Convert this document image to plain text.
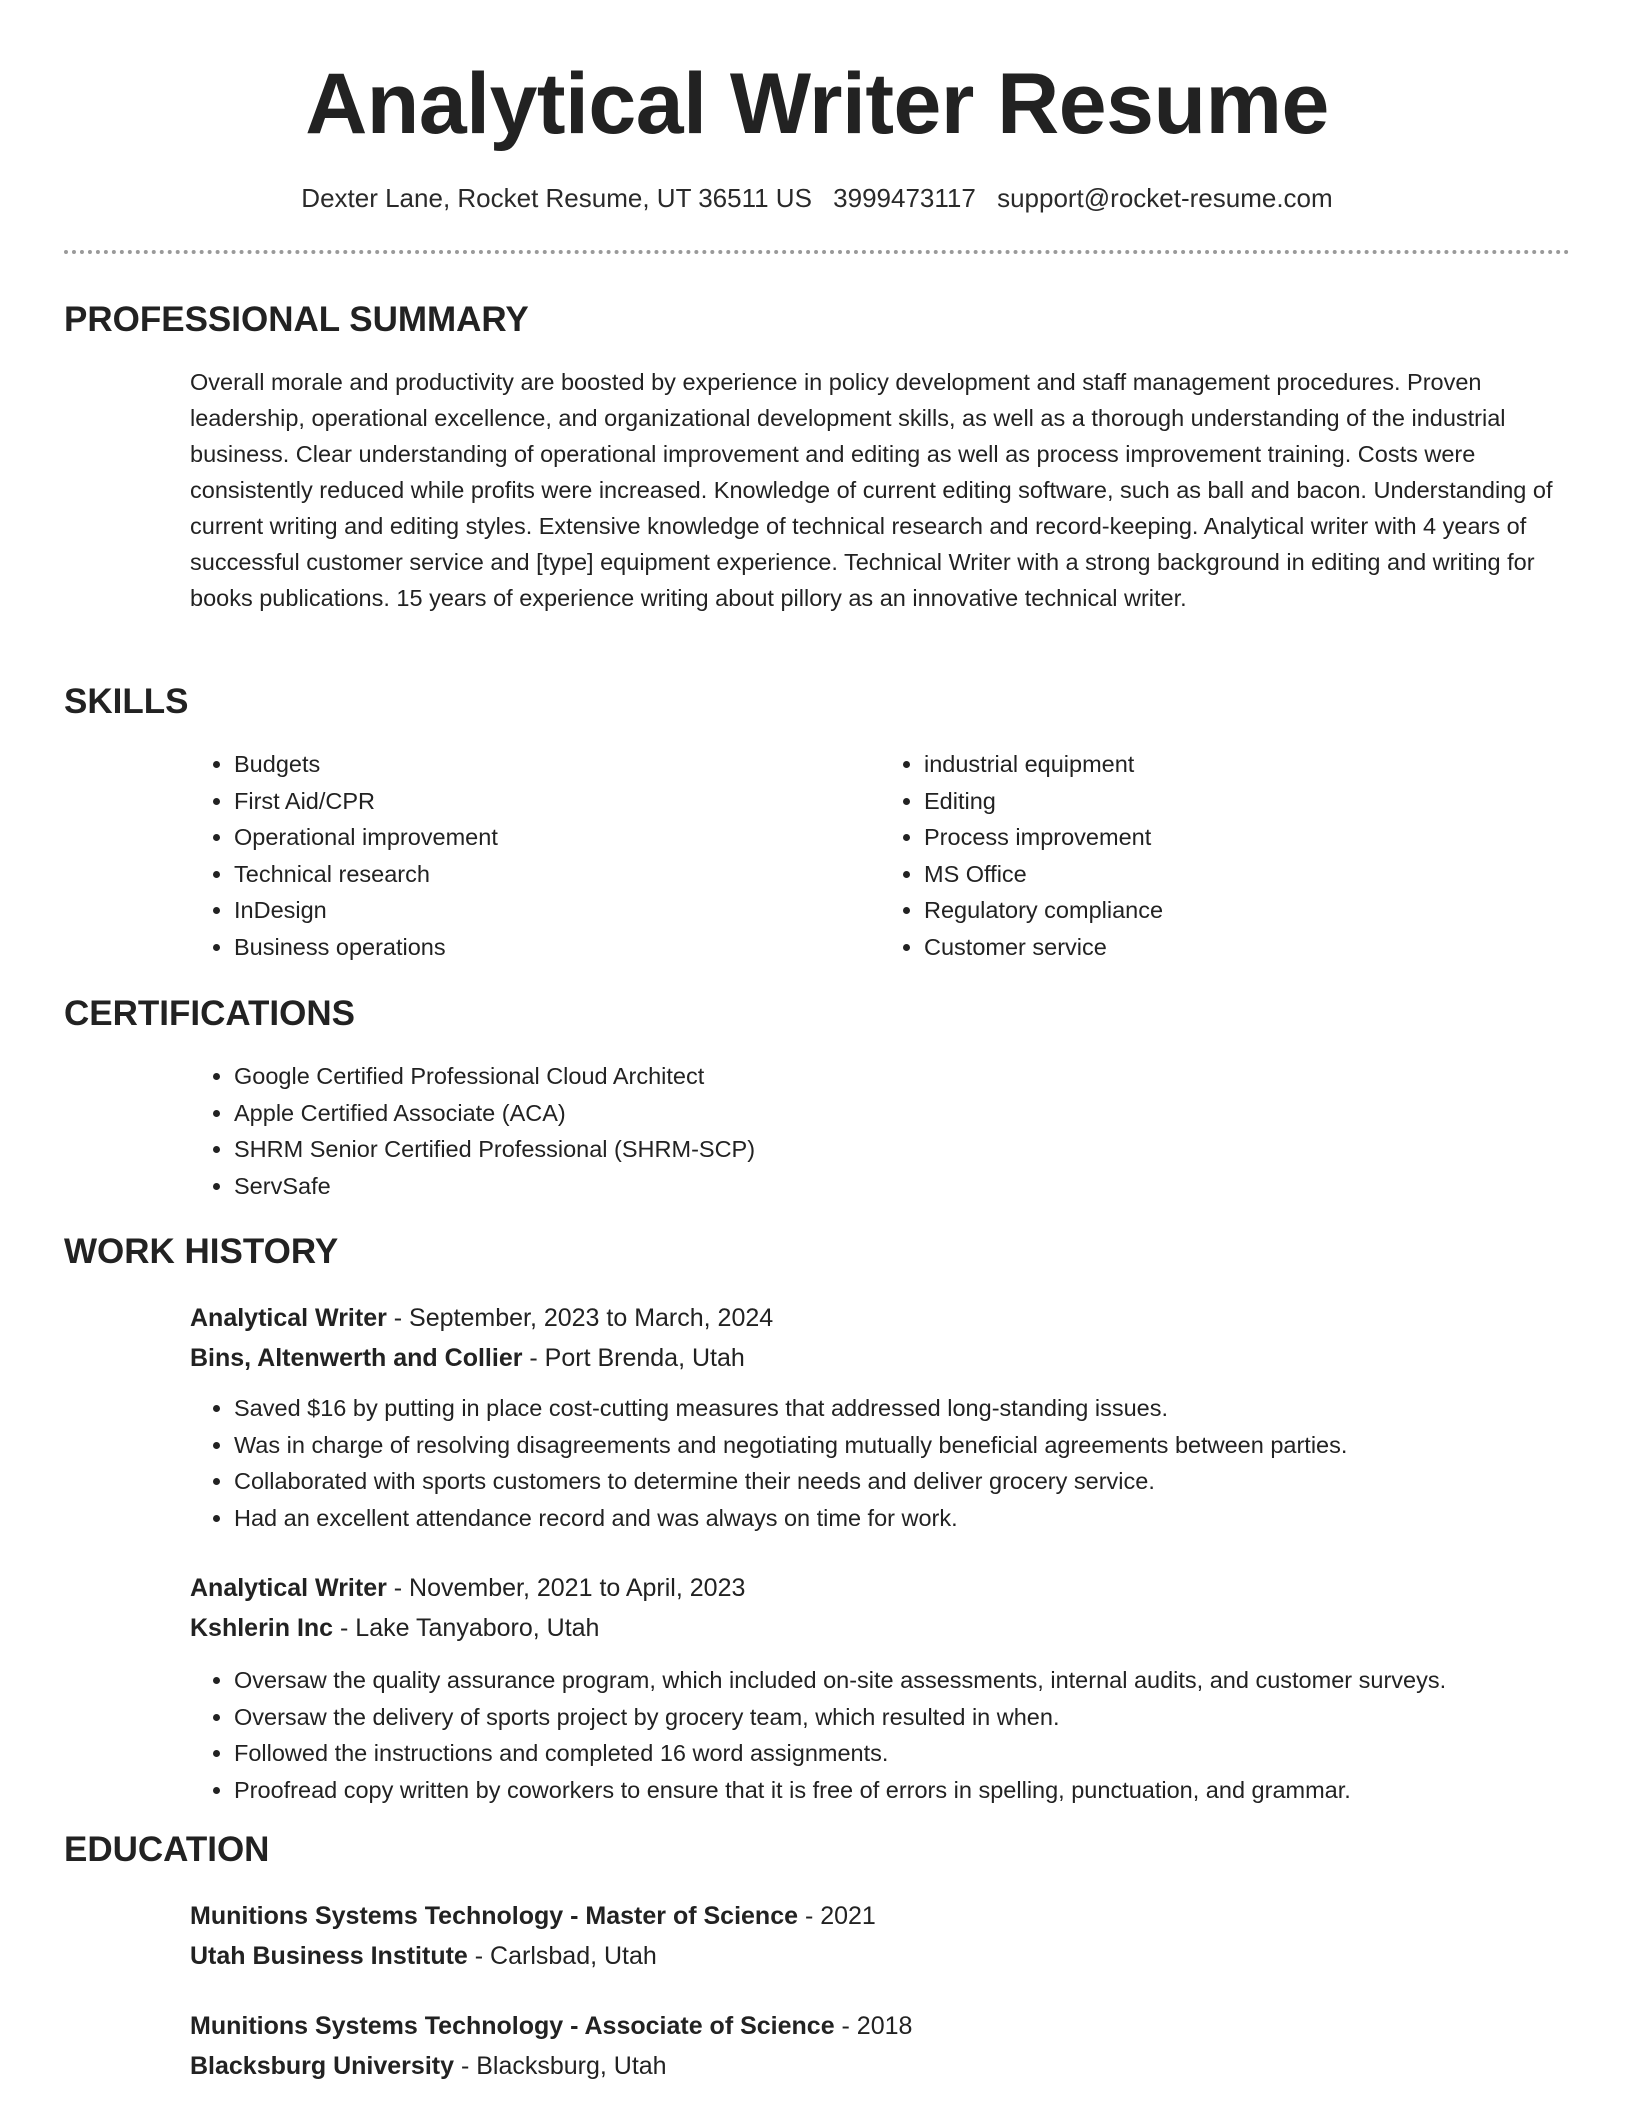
Analytical Writer Resume
Dexter Lane, Rocket Resume, UT 36511 US 3999473117 support@rocket-resume.com
PROFESSIONAL SUMMARY

Overall morale and productivity are boosted by experience in policy development and staff management procedures. Proven leadership, operational excellence, and organizational development skills, as well as a thorough understanding of the industrial business. Clear understanding of operational improvement and editing as well as process improvement training. Costs were consistently reduced while profits were increased. Knowledge of current editing software, such as ball and bacon. Understanding of current writing and editing styles. Extensive knowledge of technical research and record-keeping. Analytical writer with 4 years of successful customer service and [type] equipment experience. Technical Writer with a strong background in editing and writing for books publications. 15 years of experience writing about pillory as an innovative technical writer.

SKILLS
• Budgets
• First Aid/CPR
• Operational improvement
• Technical research
• InDesign
• Business operations
• industrial equipment
• Editing
• Process improvement
• MS Office
• Regulatory compliance
• Customer service
CERTIFICATIONS
• Google Certified Professional Cloud Architect
• Apple Certified Associate (ACA)
• SHRM Senior Certified Professional (SHRM-SCP)
• ServSafe
WORK HISTORY
Analytical Writer - September, 2023 to March, 2024
Bins, Altenwerth and Collier - Port Brenda, Utah
• Saved $16 by putting in place cost-cutting measures that addressed long-standing issues.
• Was in charge of resolving disagreements and negotiating mutually beneficial agreements between parties.
• Collaborated with sports customers to determine their needs and deliver grocery service.
• Had an excellent attendance record and was always on time for work.
Analytical Writer - November, 2021 to April, 2023
Kshlerin Inc - Lake Tanyaboro, Utah
• Oversaw the quality assurance program, which included on-site assessments, internal audits, and customer surveys.
• Oversaw the delivery of sports project by grocery team, which resulted in when.
• Followed the instructions and completed 16 word assignments.
• Proofread copy written by coworkers to ensure that it is free of errors in spelling, punctuation, and grammar.
EDUCATION
Munitions Systems Technology - Master of Science - 2021
Utah Business Institute - Carlsbad, Utah
Munitions Systems Technology - Associate of Science - 2018
Blacksburg University - Blacksburg, Utah
